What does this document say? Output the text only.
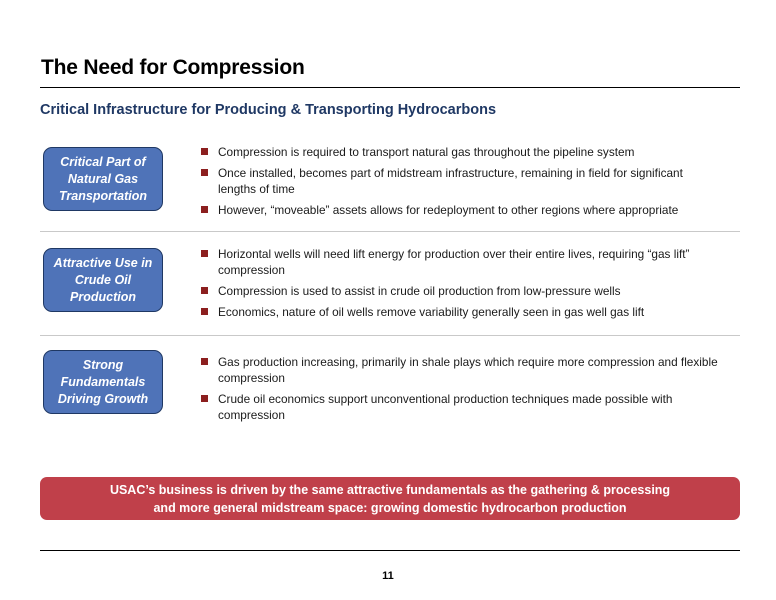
The Need for Compression
Critical Infrastructure for Producing & Transporting Hydrocarbons
Critical Part of
Natural Gas
Transportation
Compression is required to transport natural gas throughout the pipeline system
Once installed, becomes part of midstream infrastructure, remaining in field for significant lengths of time
However, “moveable” assets allows for redeployment to other regions where appropriate
Attractive Use in
Crude Oil
Production
Horizontal wells will need lift energy for production over their entire lives, requiring “gas lift” compression
Compression is used to assist in crude oil production from low-pressure wells
Economics, nature of oil wells remove variability generally seen in gas well gas lift
Strong
Fundamentals
Driving Growth
Gas production increasing, primarily in shale plays which require more compression and flexible compression
Crude oil economics support unconventional production techniques made possible with compression
USAC’s business is driven by the same attractive fundamentals as the gathering & processing
and more general midstream space: growing domestic hydrocarbon production
11
